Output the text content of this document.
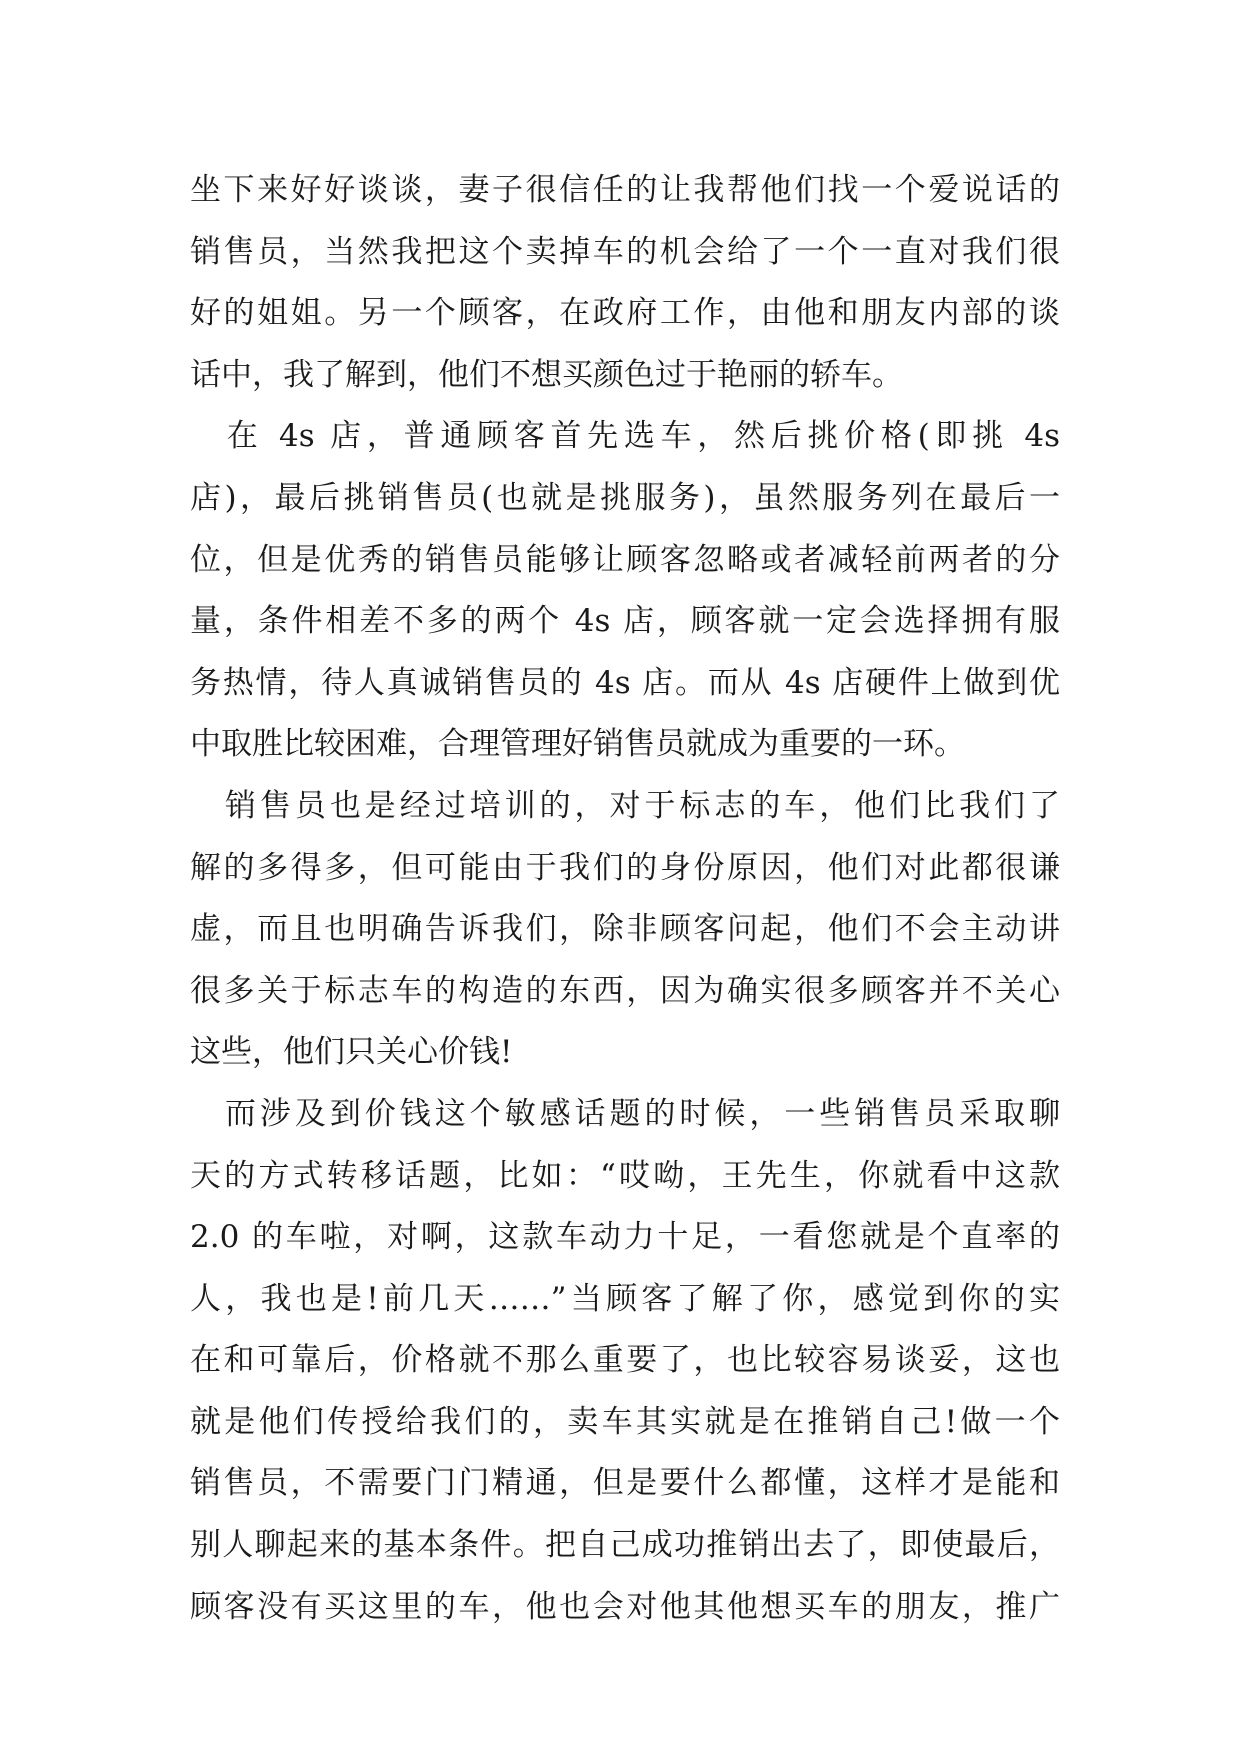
坐下来好好谈谈，妻子很信任的让我帮他们找一个爱说话的
销售员，当然我把这个卖掉车的机会给了一个一直对我们很
好的姐姐。另一个顾客，在政府工作，由他和朋友内部的谈
话中，我了解到，他们不想买颜色过于艳丽的轿车。
　在 4s 店，普通顾客首先选车，然后挑价格(即挑 4s
店)，最后挑销售员(也就是挑服务)，虽然服务列在最后一
位，但是优秀的销售员能够让顾客忽略或者减轻前两者的分
量，条件相差不多的两个 4s 店，顾客就一定会选择拥有服
务热情，待人真诚销售员的 4s 店。而从 4s 店硬件上做到优
中取胜比较困难，合理管理好销售员就成为重要的一环。
　销售员也是经过培训的，对于标志的车，他们比我们了
解的多得多，但可能由于我们的身份原因，他们对此都很谦
虚，而且也明确告诉我们，除非顾客问起，他们不会主动讲
很多关于标志车的构造的东西，因为确实很多顾客并不关心
这些，他们只关心价钱!
　而涉及到价钱这个敏感话题的时候，一些销售员采取聊
天的方式转移话题，比如：“哎呦，王先生，你就看中这款
2.0 的车啦，对啊，这款车动力十足，一看您就是个直率的
人，我也是!前几天……”当顾客了解了你，感觉到你的实
在和可靠后，价格就不那么重要了，也比较容易谈妥，这也
就是他们传授给我们的，卖车其实就是在推销自己!做一个
销售员，不需要门门精通，但是要什么都懂，这样才是能和
别人聊起来的基本条件。把自己成功推销出去了，即使最后，
顾客没有买这里的车，他也会对他其他想买车的朋友，推广
